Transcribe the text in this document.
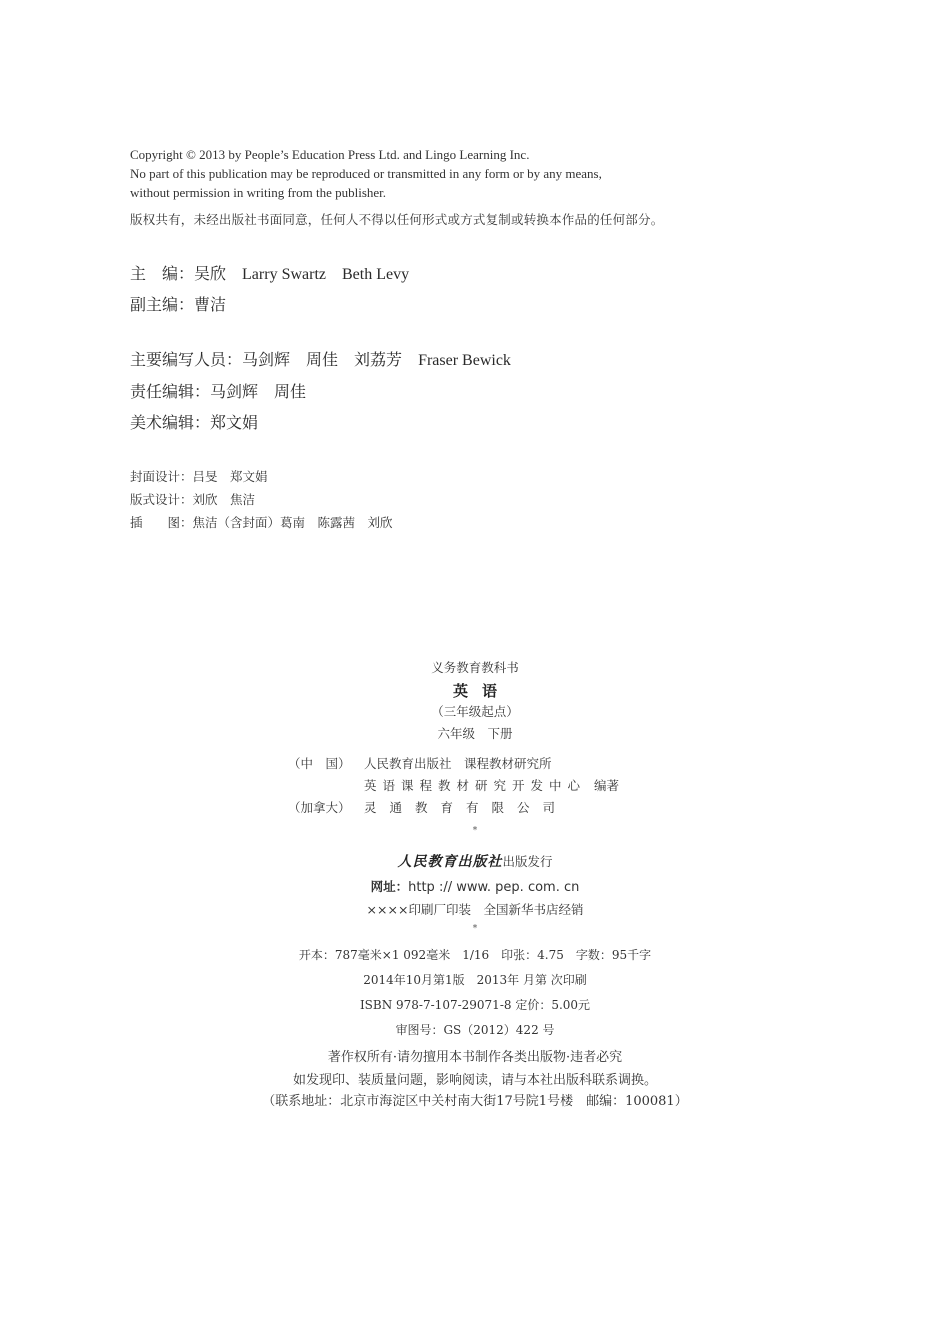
Copyright © 2013 by People’s Education Press Ltd. and Lingo Learning Inc.
No part of this publication may be reproduced or transmitted in any form or by any means,
without permission in writing from the publisher.
版权共有，未经出版社书面同意，任何人不得以任何形式或方式复制或转换本作品的任何部分。
主　编：吴欣 Larry Swartz Beth Levy
副主编：曹洁
主要编写人员：马剑辉 周佳 刘荔芳 Fraser Bewick
责任编辑：马剑辉 周佳
美术编辑：郑文娟
封面设计：吕旻　郑文娟
版式设计：刘欣　焦洁
插　　图：焦洁（含封面）葛南　陈露茜　刘欣
义务教育教科书
英语
（三年级起点）
六年级　下册
（中　国） 人民教育出版社　课程教材研究所
英语课程教材研究开发中心 编著
（加拿大） 灵通教育有限公司
*
人民教育出版社出版发行
网址：http :// www. pep. com. cn
××××印刷厂印装　全国新华书店经销
*
开本：787毫米×1 092毫米　1/16　印张：4.75　字数：95千字
2014年10月第1版　2013年 月第 次印刷
ISBN 978-7-107-29071-8 定价：5.00元
审图号：GS（2012）422 号
著作权所有·请勿擅用本书制作各类出版物·违者必究
如发现印、装质量问题，影响阅读，请与本社出版科联系调换。
（联系地址：北京市海淀区中关村南大街17号院1号楼　邮编：100081）
